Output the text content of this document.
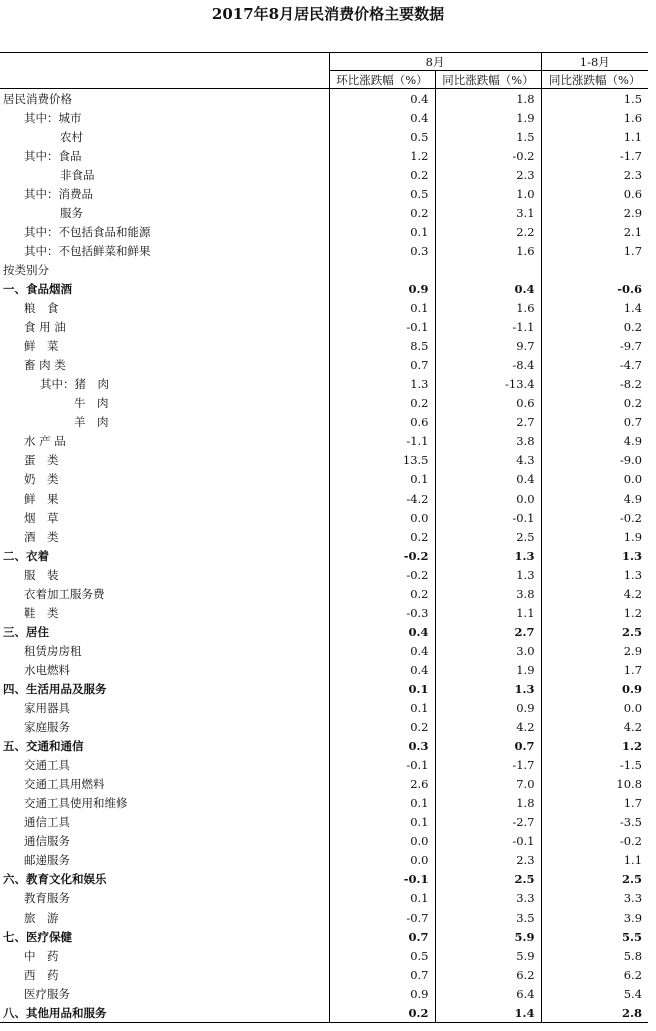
2017年8月居民消费价格主要数据
	8月		1-8月
	环比涨跌幅（%）	同比涨跌幅（%）	同比涨跌幅（%）
居民消费价格	0.4	1.8	1.5
其中：城市	0.4	1.9	1.6
农村	0.5	1.5	1.1
其中：食品	1.2	-0.2	-1.7
非食品	0.2	2.3	2.3
其中：消费品	0.5	1.0	0.6
服务	0.2	3.1	2.9
其中：不包括食品和能源	0.1	2.2	2.1
其中：不包括鲜菜和鲜果	0.3	1.6	1.7
按类别分			
一、食品烟酒	0.9	0.4	-0.6
粮　食	0.1	1.6	1.4
食 用 油	-0.1	-1.1	0.2
鲜　菜	8.5	9.7	-9.7
畜 肉 类	0.7	-8.4	-4.7
其中：猪　肉	1.3	-13.4	-8.2
牛　肉	0.2	0.6	0.2
羊　肉	0.6	2.7	0.7
水 产 品	-1.1	3.8	4.9
蛋　类	13.5	4.3	-9.0
奶　类	0.1	0.4	0.0
鲜　果	-4.2	0.0	4.9
烟　草	0.0	-0.1	-0.2
酒　类	0.2	2.5	1.9
二、衣着	-0.2	1.3	1.3
服　装	-0.2	1.3	1.3
衣着加工服务费	0.2	3.8	4.2
鞋　类	-0.3	1.1	1.2
三、居住	0.4	2.7	2.5
租赁房房租	0.4	3.0	2.9
水电燃料	0.4	1.9	1.7
四、生活用品及服务	0.1	1.3	0.9
家用器具	0.1	0.9	0.0
家庭服务	0.2	4.2	4.2
五、交通和通信	0.3	0.7	1.2
交通工具	-0.1	-1.7	-1.5
交通工具用燃料	2.6	7.0	10.8
交通工具使用和维修	0.1	1.8	1.7
通信工具	0.1	-2.7	-3.5
通信服务	0.0	-0.1	-0.2
邮递服务	0.0	2.3	1.1
六、教育文化和娱乐	-0.1	2.5	2.5
教育服务	0.1	3.3	3.3
旅　游	-0.7	3.5	3.9
七、医疗保健	0.7	5.9	5.5
中　药	0.5	5.9	5.8
西　药	0.7	6.2	6.2
医疗服务	0.9	6.4	5.4
八、其他用品和服务	0.2	1.4	2.8
